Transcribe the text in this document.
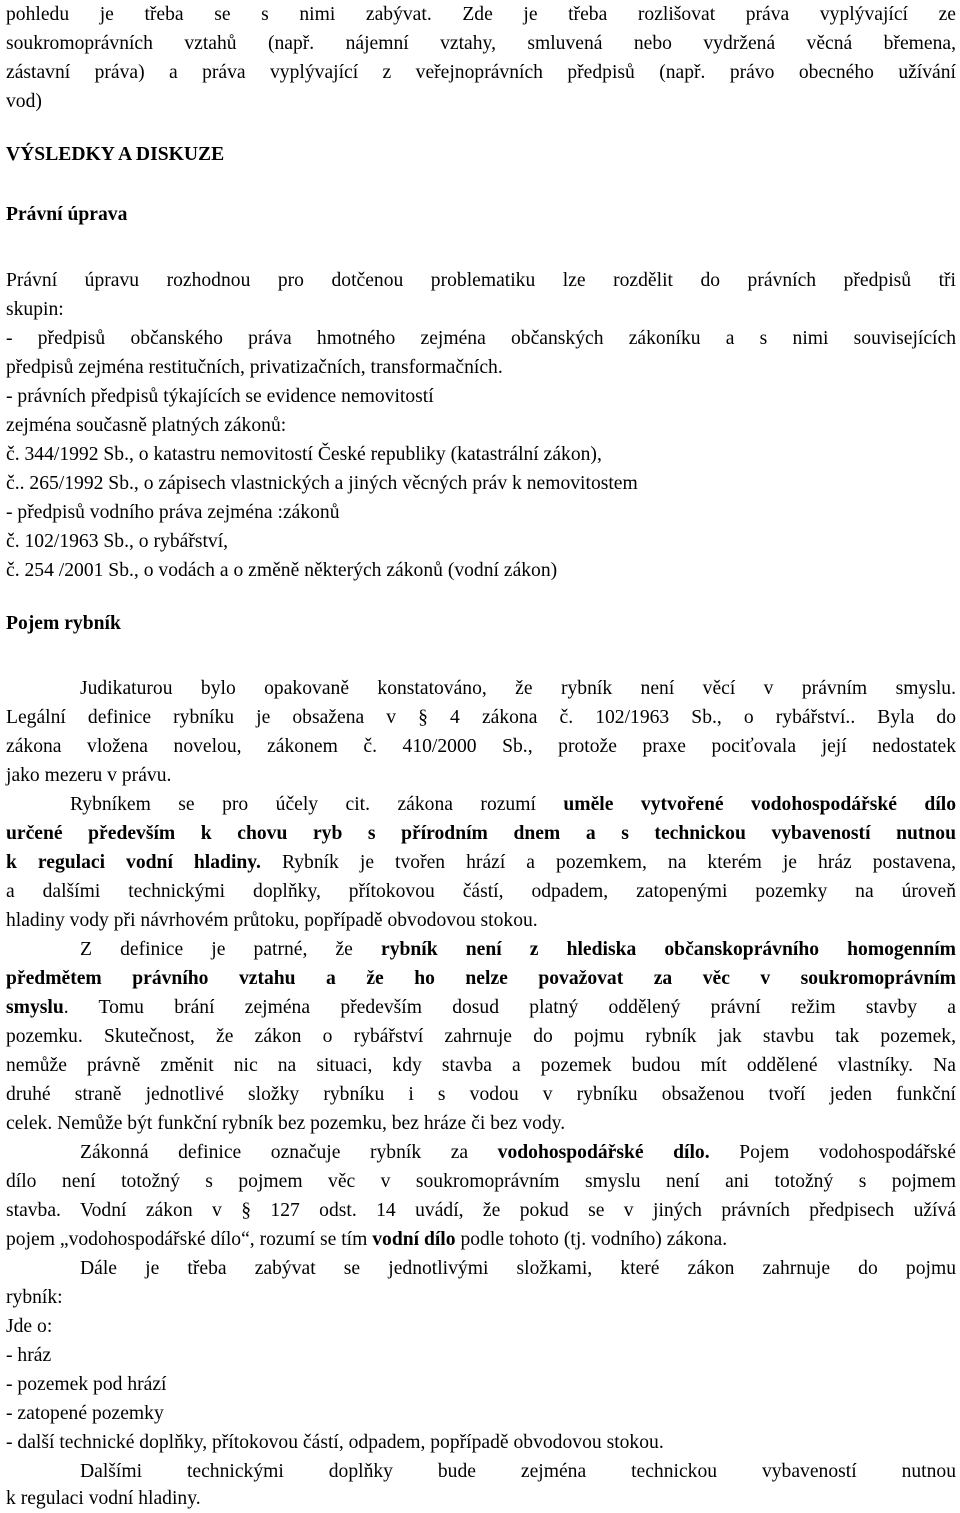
pohledu je třeba se s nimi zabývat. Zde je třeba rozlišovat práva vyplývající ze
soukromoprávních vztahů (např. nájemní vztahy, smluvená nebo vydržená věcná břemena,
zástavní práva) a práva vyplývající z veřejnoprávních předpisů (např. právo obecného užívání
vod)
VÝSLEDKY A DISKUZE
Právní úprava
Právní úpravu rozhodnou pro dotčenou problematiku lze rozdělit do právních předpisů tři
skupin:
- předpisů občanského práva hmotného zejména občanských zákoníku a s nimi souvisejících
předpisů zejména restitučních, privatizačních, transformačních.
- právních předpisů týkajících se evidence nemovitostí
zejména současně platných zákonů:
č. 344/1992 Sb., o katastru nemovitostí České republiky (katastrální zákon),
č.. 265/1992 Sb., o zápisech vlastnických a jiných věcných práv k nemovitostem
- předpisů vodního práva zejména :zákonů
č. 102/1963 Sb., o rybářství,
č. 254 /2001 Sb., o vodách a o změně některých zákonů (vodní zákon)
Pojem rybník
Judikaturou bylo opakovaně konstatováno, že rybník není věcí v právním smyslu.
Legální definice rybníku je obsažena v § 4 zákona č. 102/1963 Sb., o rybářství.. Byla do
zákona vložena novelou, zákonem č. 410/2000 Sb., protože praxe pociťovala její nedostatek
jako mezeru v právu.
Rybníkem se pro účely cit. zákona rozumí uměle vytvořené vodohospodářské dílo
určené především k chovu ryb s přírodním dnem a s technickou vybaveností nutnou
k regulaci vodní hladiny. Rybník je tvořen hrází a pozemkem, na kterém je hráz postavena,
a dalšími technickými doplňky, přítokovou částí, odpadem, zatopenými pozemky na úroveň
hladiny vody při návrhovém průtoku, popřípadě obvodovou stokou.
Z definice je patrné, že rybník není z hlediska občanskoprávního homogenním
předmětem právního vztahu a že ho nelze považovat za věc v soukromoprávním
smyslu. Tomu brání zejména především dosud platný oddělený právní režim stavby a
pozemku. Skutečnost, že zákon o rybářství zahrnuje do pojmu rybník jak stavbu tak pozemek,
nemůže právně změnit nic na situaci, kdy stavba a pozemek budou mít oddělené vlastníky. Na
druhé straně jednotlivé složky rybníku i s vodou v rybníku obsaženou tvoří jeden funkční
celek. Nemůže být funkční rybník bez pozemku, bez hráze či bez vody.
Zákonná definice označuje rybník za vodohospodářské dílo. Pojem vodohospodářské
dílo není totožný s pojmem věc v soukromoprávním smyslu není ani totožný s pojmem
stavba. Vodní zákon v § 127 odst. 14 uvádí, že pokud se v jiných právních předpisech užívá
pojem „vodohospodářské dílo“, rozumí se tím vodní dílo podle tohoto (tj. vodního) zákona.
Dále je třeba zabývat se jednotlivými složkami, které zákon zahrnuje do pojmu
rybník:
Jde o:
- hráz
- pozemek pod hrází
- zatopené pozemky
- další technické doplňky, přítokovou částí, odpadem, popřípadě obvodovou stokou.
Dalšími technickými doplňky bude zejména technickou vybaveností nutnou
k regulaci vodní hladiny.
